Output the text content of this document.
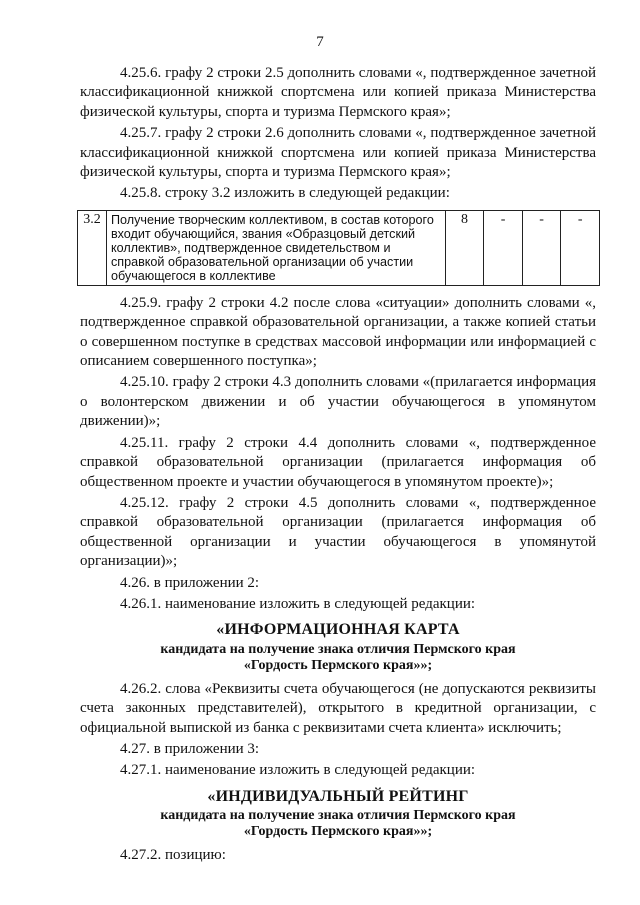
7

4.25.6. графу 2 строки 2.5 дополнить словами «, подтвержденное зачетной классификационной книжкой спортсмена или копией приказа Министерства физической культуры, спорта и туризма Пермского края»;

4.25.7. графу 2 строки 2.6 дополнить словами «, подтвержденное зачетной классификационной книжкой спортсмена или копией приказа Министерства физической культуры, спорта и туризма Пермского края»;

4.25.8. строку 3.2 изложить в следующей редакции:

3.2	Получение творческим коллективом, в состав которого входит обучающийся, звания «Образцовый детский коллектив», подтвержденное свидетельством и справкой образовательной организации об участии обучающегося в коллективе	8	-	-	-

4.25.9. графу 2 строки 4.2 после слова «ситуации» дополнить словами «, подтвержденное справкой образовательной организации, а также копией статьи о совершенном поступке в средствах массовой информации или информацией с описанием совершенного поступка»;

4.25.10. графу 2 строки 4.3 дополнить словами «(прилагается информация о волонтерском движении и об участии обучающегося в упомянутом движении)»;

4.25.11. графу 2 строки 4.4 дополнить словами «, подтвержденное справкой образовательной организации (прилагается информация об общественном проекте и участии обучающегося в упомянутом проекте)»;

4.25.12. графу 2 строки 4.5 дополнить словами «, подтвержденное справкой образовательной организации (прилагается информация об общественной организации и участии обучающегося в упомянутой организации)»;

4.26. в приложении 2:

4.26.1. наименование изложить в следующей редакции:

«ИНФОРМАЦИОННАЯ КАРТА
кандидата на получение знака отличия Пермского края
«Гордость Пермского края»»;

4.26.2. слова «Реквизиты счета обучающегося (не допускаются реквизиты счета законных представителей), открытого в кредитной организации, с официальной выпиской из банка с реквизитами счета клиента» исключить;

4.27. в приложении 3:

4.27.1. наименование изложить в следующей редакции:

«ИНДИВИДУАЛЬНЫЙ РЕЙТИНГ
кандидата на получение знака отличия Пермского края
«Гордость Пермского края»»;

4.27.2. позицию:
